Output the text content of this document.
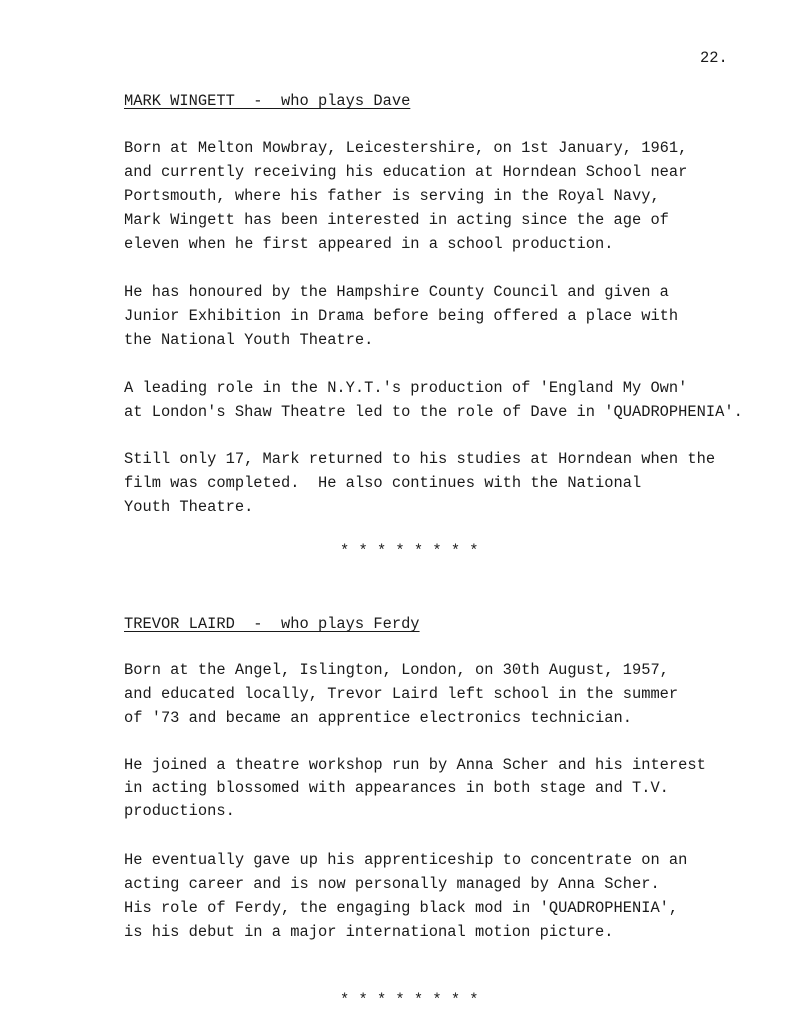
22.
MARK WINGETT  -  who plays Dave
Born at Melton Mowbray, Leicestershire, on 1st January, 1961,
and currently receiving his education at Horndean School near
Portsmouth, where his father is serving in the Royal Navy,
Mark Wingett has been interested in acting since the age of
eleven when he first appeared in a school production.
He has honoured by the Hampshire County Council and given a
Junior Exhibition in Drama before being offered a place with
the National Youth Theatre.
A leading role in the N.Y.T.'s production of 'England My Own'
at London's Shaw Theatre led to the role of Dave in 'QUADROPHENIA'.
Still only 17, Mark returned to his studies at Horndean when the
film was completed.  He also continues with the National
Youth Theatre.
* * * * * * * *
TREVOR LAIRD  -  who plays Ferdy
Born at the Angel, Islington, London, on 30th August, 1957,
and educated locally, Trevor Laird left school in the summer
of '73 and became an apprentice electronics technician.
He joined a theatre workshop run by Anna Scher and his interest
in acting blossomed with appearances in both stage and T.V.
productions.
He eventually gave up his apprenticeship to concentrate on an
acting career and is now personally managed by Anna Scher.
His role of Ferdy, the engaging black mod in 'QUADROPHENIA',
is his debut in a major international motion picture.
* * * * * * * *
